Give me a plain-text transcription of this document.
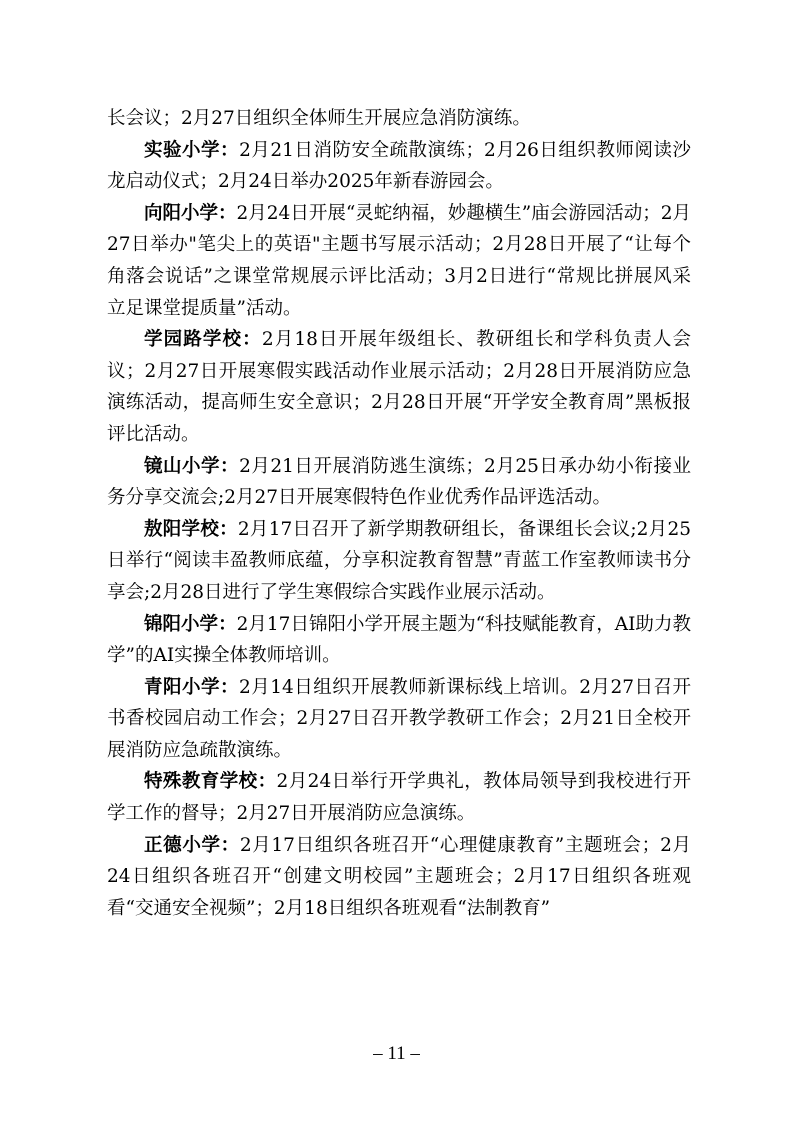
长会议；2月27日组织全体师生开展应急消防演练。

实验小学：2月21日消防安全疏散演练；2月26日组织教师阅读沙龙启动仪式；2月24日举办2025年新春游园会。

向阳小学：2月24日开展“灵蛇纳福，妙趣横生”庙会游园活动；2月27日举办"笔尖上的英语"主题书写展示活动；2月28日开展了“让每个角落会说话”之课堂常规展示评比活动；3月2日进行“常规比拼展风采 立足课堂提质量”活动。

学园路学校：2月18日开展年级组长、教研组长和学科负责人会议；2月27日开展寒假实践活动作业展示活动；2月28日开展消防应急演练活动，提高师生安全意识；2月28日开展“开学安全教育周”黑板报评比活动。

镜山小学：2月21日开展消防逃生演练；2月25日承办幼小衔接业务分享交流会;2月27日开展寒假特色作业优秀作品评选活动。

敖阳学校：2月17日召开了新学期教研组长，备课组长会议;2月25日举行“阅读丰盈教师底蕴，分享积淀教育智慧”青蓝工作室教师读书分享会;2月28日进行了学生寒假综合实践作业展示活动。

锦阳小学：2月17日锦阳小学开展主题为“科技赋能教育，AI助力教学”的AI实操全体教师培训。

青阳小学：2月14日组织开展教师新课标线上培训。2月27日召开书香校园启动工作会；2月27日召开教学教研工作会；2月21日全校开展消防应急疏散演练。

特殊教育学校：2月24日举行开学典礼，教体局领导到我校进行开学工作的督导；2月27日开展消防应急演练。

正德小学：2月17日组织各班召开“心理健康教育”主题班会；2月24日组织各班召开“创建文明校园”主题班会；2月17日组织各班观看“交通安全视频”；2月18日组织各班观看“法制教育”

– 11 –
